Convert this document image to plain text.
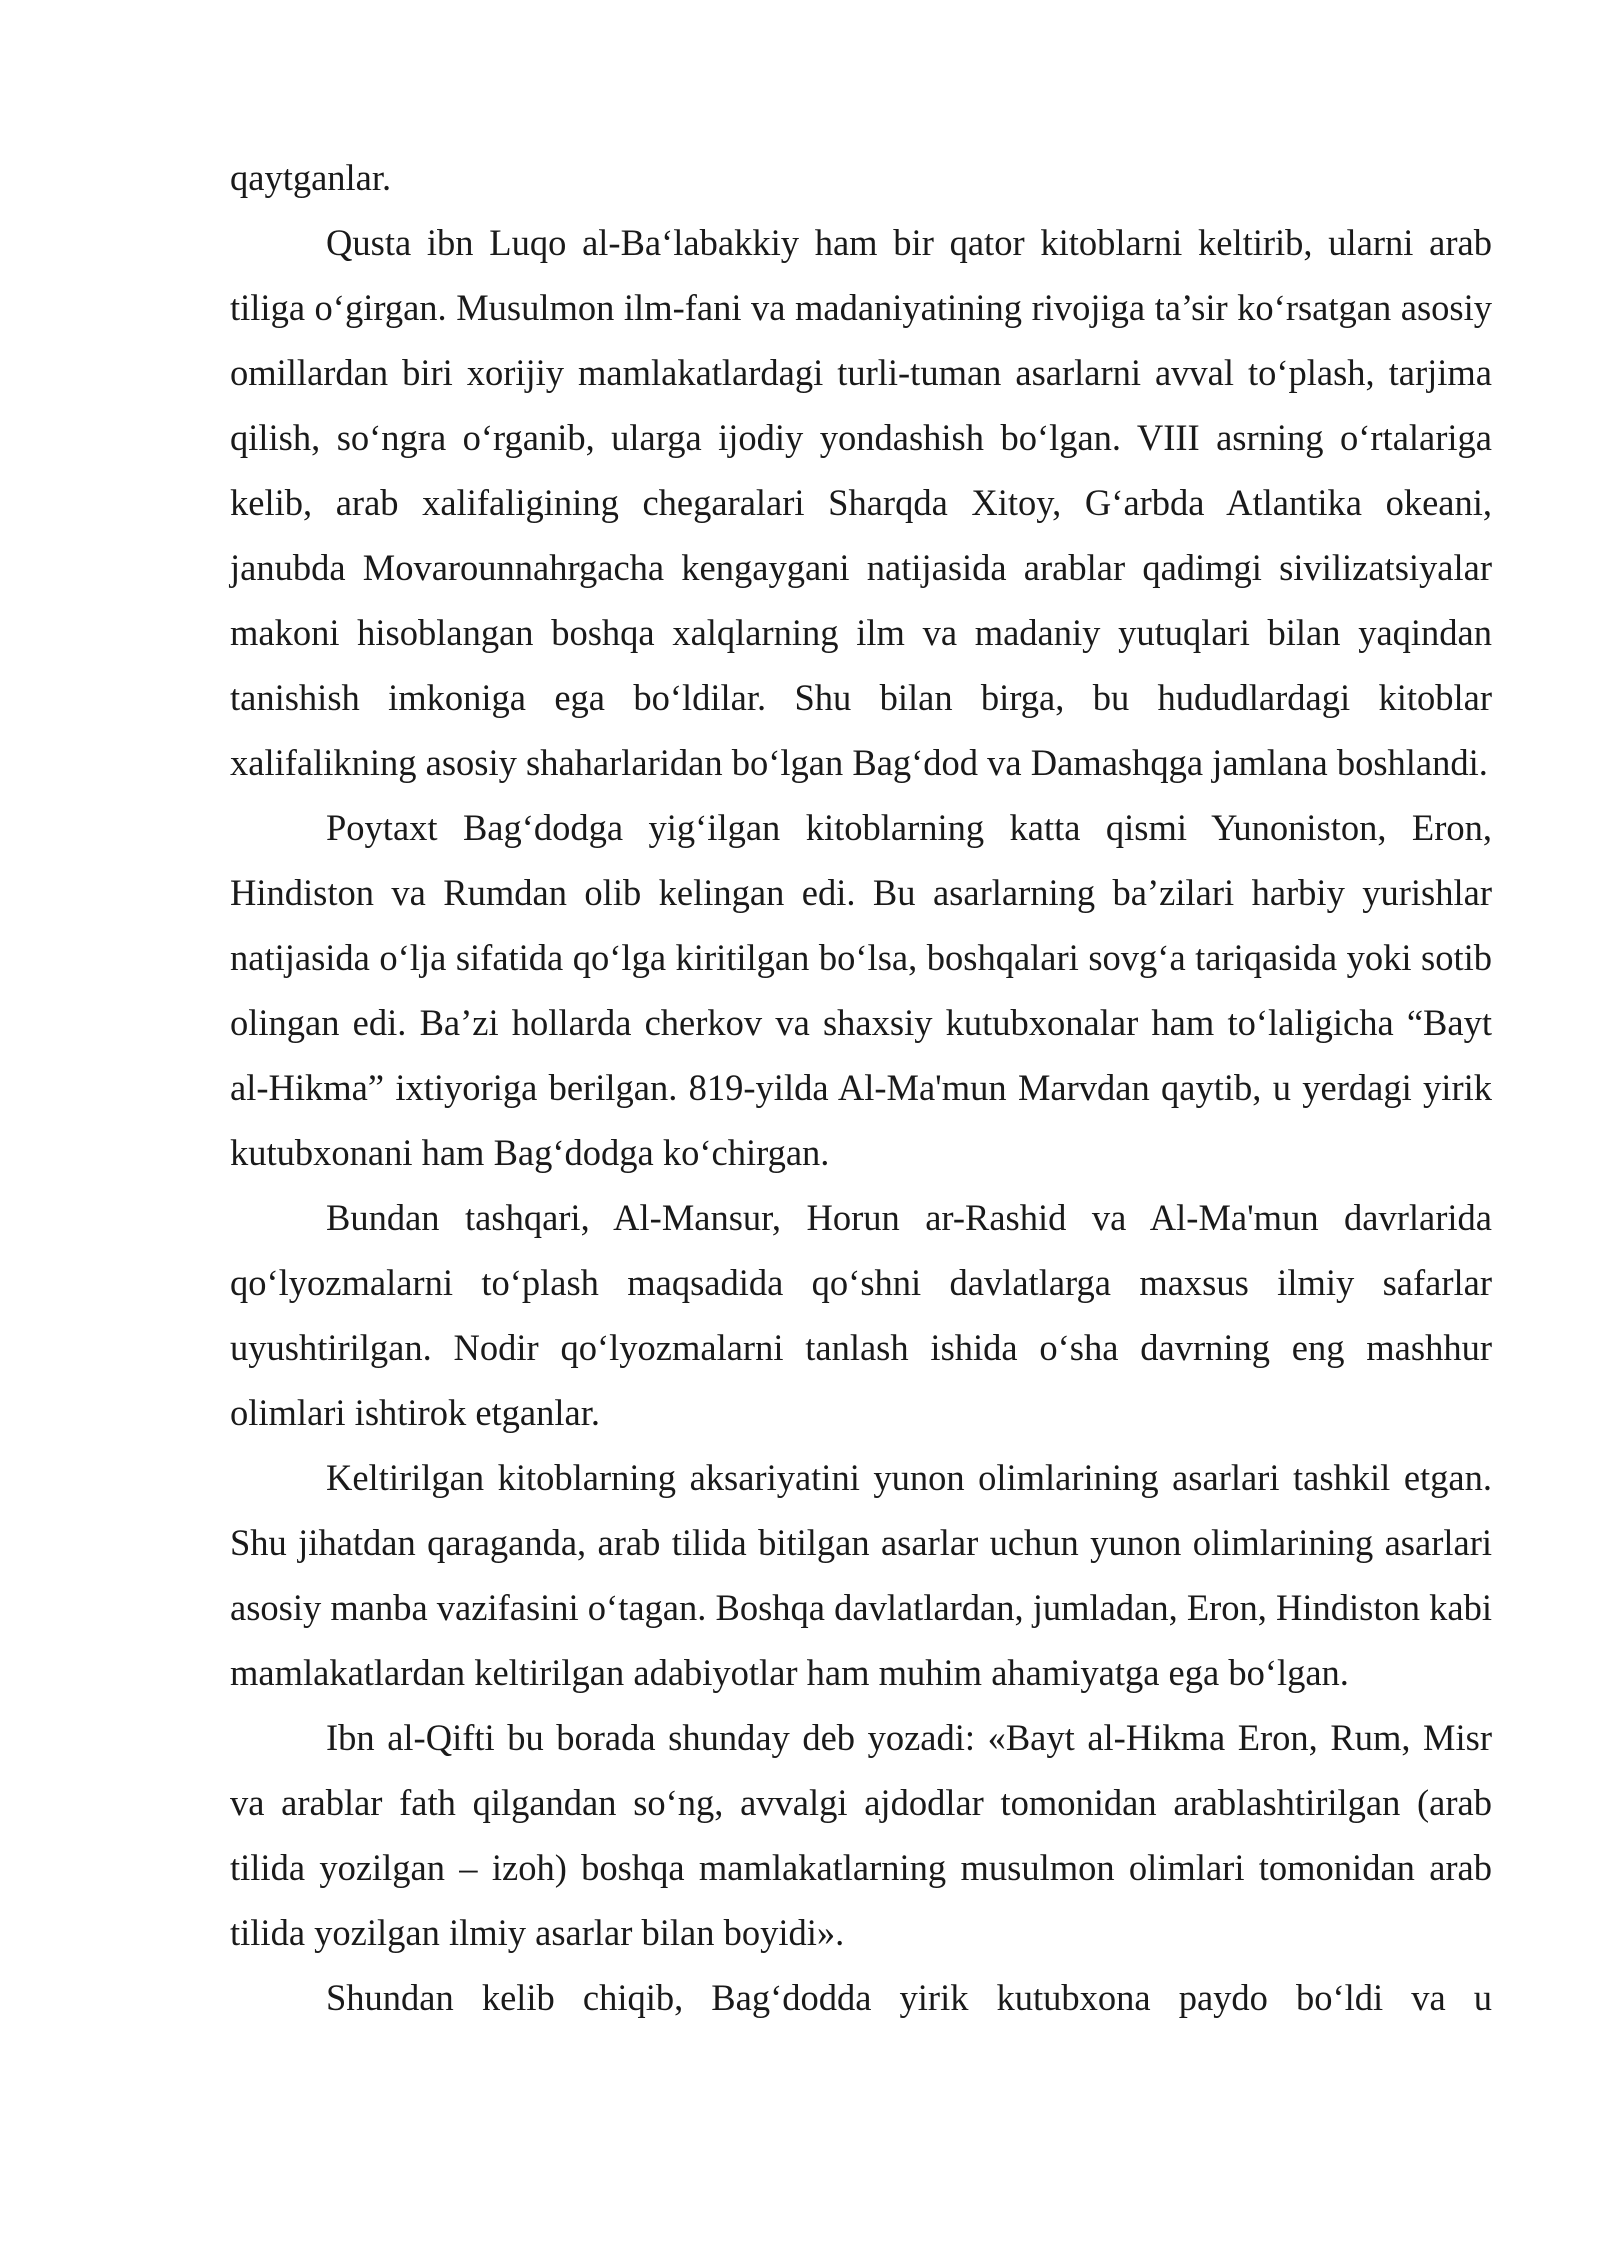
qaytganlar.

Qusta ibn Luqo al-Ba‘labakkiy ham bir qator kitoblarni keltirib, ularni arab tiliga o‘girgan. Musulmon ilm-fani va madaniyatining rivojiga ta’sir ko‘rsatgan asosiy omillardan biri xorijiy mamlakatlardagi turli-tuman asarlarni avval to‘plash, tarjima qilish, so‘ngra o‘rganib, ularga ijodiy yondashish bo‘lgan. VIII asrning o‘rtalariga kelib, arab xalifaligining chegaralari Sharqda Xitoy, G‘arbda Atlantika okeani, janubda Movarounnahrgacha kengaygani natijasida arablar qadimgi sivilizatsiyalar makoni hisoblangan boshqa xalqlarning ilm va madaniy yutuqlari bilan yaqindan tanishish imkoniga ega bo‘ldilar. Shu bilan birga, bu hududlardagi kitoblar xalifalikning asosiy shaharlaridan bo‘lgan Bag‘dod va Damashqga jamlana boshlandi.

Poytaxt Bag‘dodga yig‘ilgan kitoblarning katta qismi Yunoniston, Eron, Hindiston va Rumdan olib kelingan edi. Bu asarlarning ba’zilari harbiy yurishlar natijasida o‘lja sifatida qo‘lga kiritilgan bo‘lsa, boshqalari sovg‘a tariqasida yoki sotib olingan edi. Ba’zi hollarda cherkov va shaxsiy kutubxonalar ham to‘laligicha “Bayt al-Hikma” ixtiyoriga berilgan. 819-yilda Al-Ma'mun Marvdan qaytib, u yerdagi yirik kutubxonani ham Bag‘dodga ko‘chirgan.

Bundan tashqari, Al-Mansur, Horun ar-Rashid va Al-Ma'mun davrlarida qo‘lyozmalarni to‘plash maqsadida qo‘shni davlatlarga maxsus ilmiy safarlar uyushtirilgan. Nodir qo‘lyozmalarni tanlash ishida o‘sha davrning eng mashhur olimlari ishtirok etganlar.

Keltirilgan kitoblarning aksariyatini yunon olimlarining asarlari tashkil etgan. Shu jihatdan qaraganda, arab tilida bitilgan asarlar uchun yunon olimlarining asarlari asosiy manba vazifasini o‘tagan. Boshqa davlatlardan, jumladan, Eron, Hindiston kabi mamlakatlardan keltirilgan adabiyotlar ham muhim ahamiyatga ega bo‘lgan.

Ibn al-Qifti bu borada shunday deb yozadi: «Bayt al-Hikma Eron, Rum, Misr va arablar fath qilgandan so‘ng, avvalgi ajdodlar tomonidan arablashtirilgan (arab tilida yozilgan – izoh) boshqa mamlakatlarning musulmon olimlari tomonidan arab tilida yozilgan ilmiy asarlar bilan boyidi».

Shundan kelib chiqib, Bag‘dodda yirik kutubxona paydo bo‘ldi va u
